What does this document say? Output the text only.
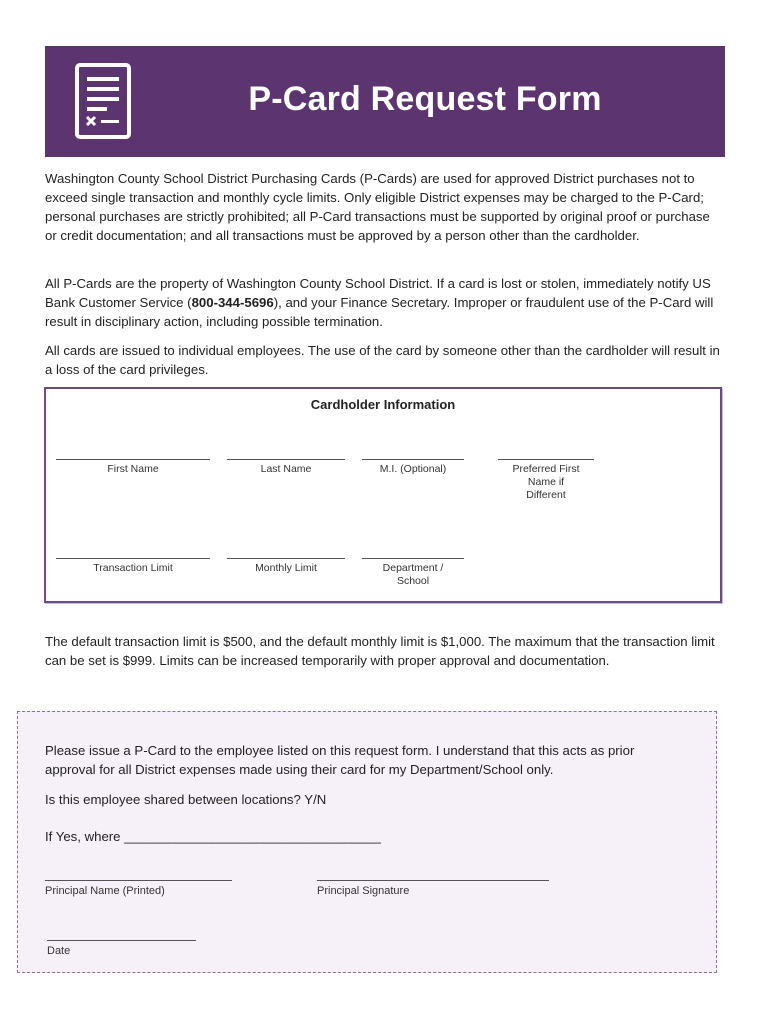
P-Card Request Form

Washington County School District Purchasing Cards (P-Cards) are used for approved District purchases not to exceed single transaction and monthly cycle limits. Only eligible District expenses may be charged to the P-Card; personal purchases are strictly prohibited; all P-Card transactions must be supported by original proof or purchase or credit documentation; and all transactions must be approved by a person other than the cardholder.

All P-Cards are the property of Washington County School District. If a card is lost or stolen, immediately notify US Bank Customer Service (800-344-5696), and your Finance Secretary. Improper or fraudulent use of the P-Card will result in disciplinary action, including possible termination.

All cards are issued to individual employees. The use of the card by someone other than the cardholder will result in a loss of the card privileges.

Cardholder Information
First Name	Last Name	M.I. (Optional)	Preferred First Name if Different
Transaction Limit	Monthly Limit	Department / School

The default transaction limit is $500, and the default monthly limit is $1,000. The maximum that the transaction limit can be set is $999. Limits can be increased temporarily with proper approval and documentation.

Please issue a P-Card to the employee listed on this request form. I understand that this acts as prior

approval for all District expenses made using their card for my Department/School only.

Is this employee shared between locations? Y/N

If Yes, where ___________________________________

Principal Name (Printed)	Principal Signature
Date
